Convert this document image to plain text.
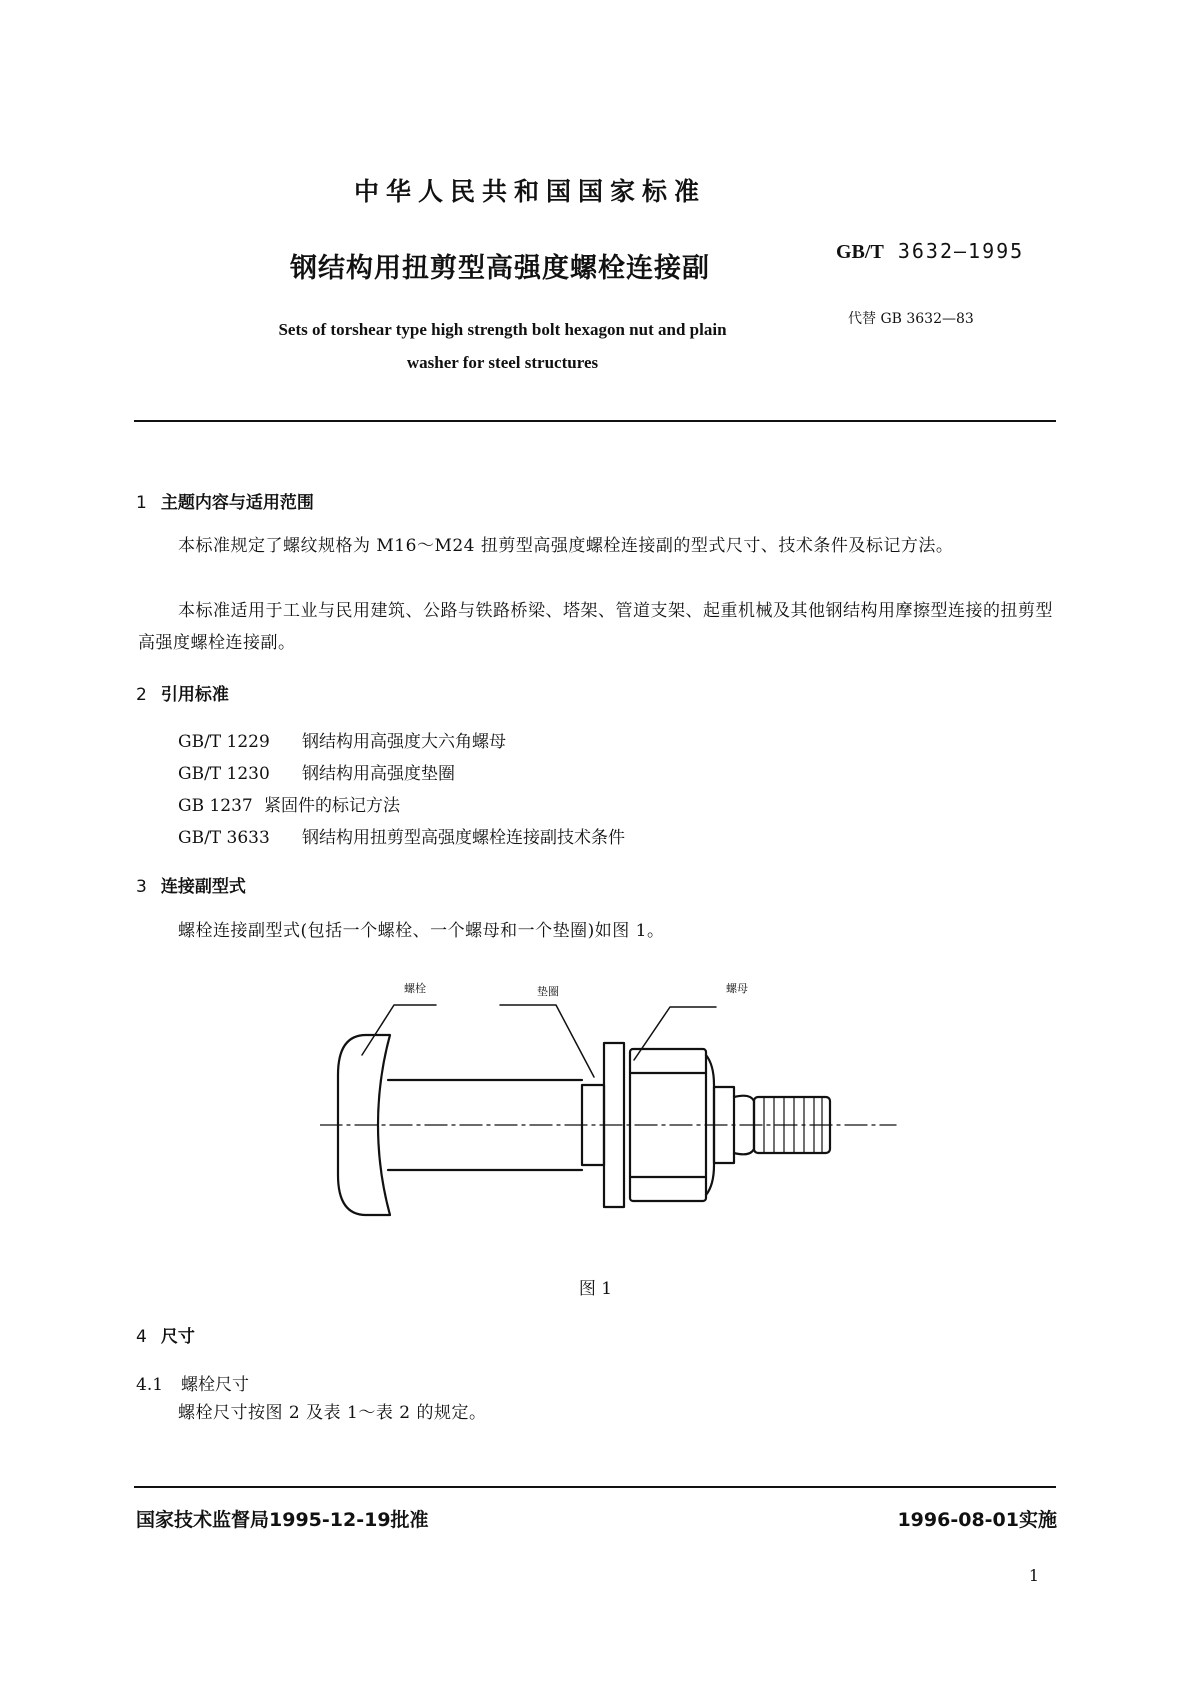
中华人民共和国国家标准
钢结构用扭剪型高强度螺栓连接副
GB/T 3632—1995
代替 GB 3632—83
Sets of torshear type high strength bolt hexagon nut and plain
washer for steel structures
1 主题内容与适用范围
本标准规定了螺纹规格为 M16～M24 扭剪型高强度螺栓连接副的型式尺寸、技术条件及标记方法。
本标准适用于工业与民用建筑、公路与铁路桥梁、塔架、管道支架、起重机械及其他钢结构用摩擦型连接的扭剪型高强度螺栓连接副。
2 引用标准
GB/T 1229 钢结构用高强度大六角螺母
GB/T 1230 钢结构用高强度垫圈
GB 1237 紧固件的标记方法
GB/T 3633 钢结构用扭剪型高强度螺栓连接副技术条件
3 连接副型式
螺栓连接副型式(包括一个螺栓、一个螺母和一个垫圈)如图 1。
螺栓	垫圈	螺母
图 1
4 尺寸
4.1 螺栓尺寸
螺栓尺寸按图 2 及表 1～表 2 的规定。
国家技术监督局1995-12-19批准	1996-08-01实施
1
